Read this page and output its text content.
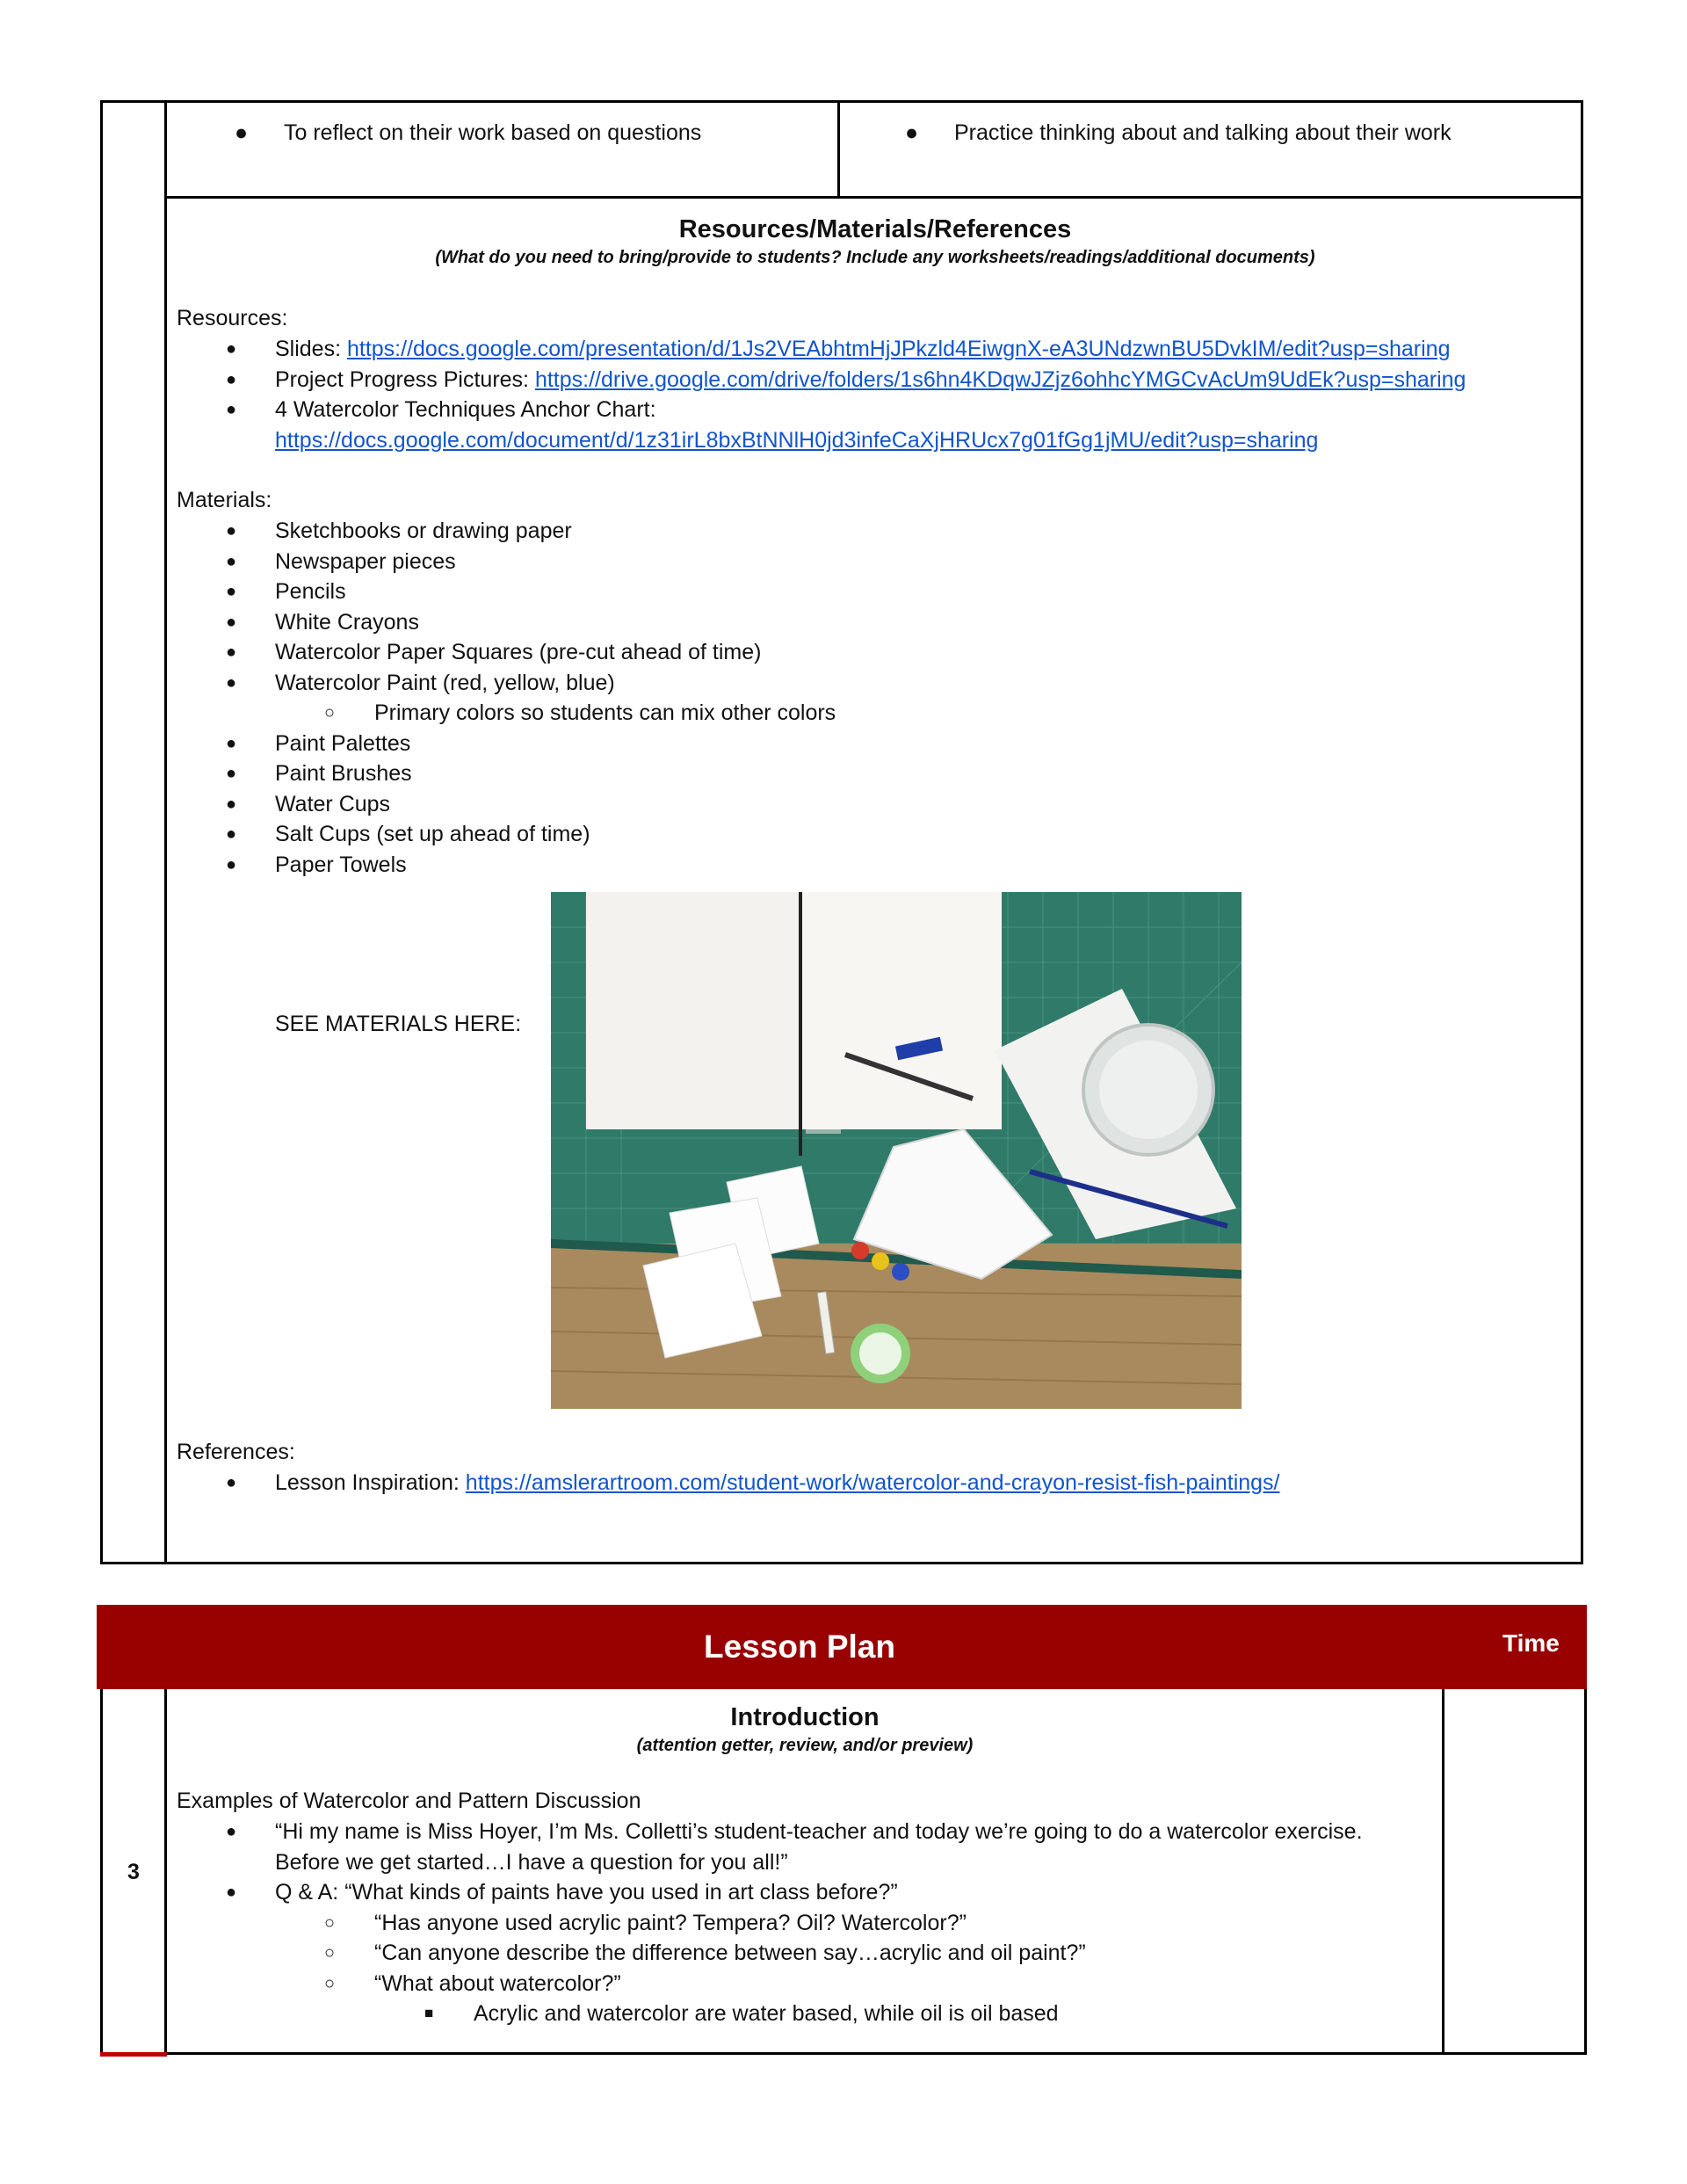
● To reflect on their work based on questions	● Practice thinking about and talking about their work
Resources/Materials/References
(What do you need to bring/provide to students? Include any worksheets/readings/additional documents)
Resources:
● Slides: https://docs.google.com/presentation/d/1Js2VEAbhtmHjJPkzld4EiwgnX-eA3UNdzwnBU5DvkIM/edit?usp=sharing
● Project Progress Pictures: https://drive.google.com/drive/folders/1s6hn4KDqwJZjz6ohhcYMGCvAcUm9UdEk?usp=sharing
● 4 Watercolor Techniques Anchor Chart:
https://docs.google.com/document/d/1z31irL8bxBtNNlH0jd3infeCaXjHRUcx7g01fGg1jMU/edit?usp=sharing
Materials:
● Sketchbooks or drawing paper
● Newspaper pieces
● Pencils
● White Crayons
● Watercolor Paper Squares (pre-cut ahead of time)
● Watercolor Paint (red, yellow, blue)
○ Primary colors so students can mix other colors
● Paint Palettes
● Paint Brushes
● Water Cups
● Salt Cups (set up ahead of time)
● Paper Towels
SEE MATERIALS HERE:
References:
● Lesson Inspiration: https://amslerartroom.com/student-work/watercolor-and-crayon-resist-fish-paintings/
Lesson Plan	Time
3
Introduction
(attention getter, review, and/or preview)
Examples of Watercolor and Pattern Discussion
● “Hi my name is Miss Hoyer, I’m Ms. Colletti’s student-teacher and today we’re going to do a watercolor exercise.
Before we get started…I have a question for you all!”
● Q & A: “What kinds of paints have you used in art class before?”
○ “Has anyone used acrylic paint? Tempera? Oil? Watercolor?”
○ “Can anyone describe the difference between say…acrylic and oil paint?”
○ “What about watercolor?”
■ Acrylic and watercolor are water based, while oil is oil based
